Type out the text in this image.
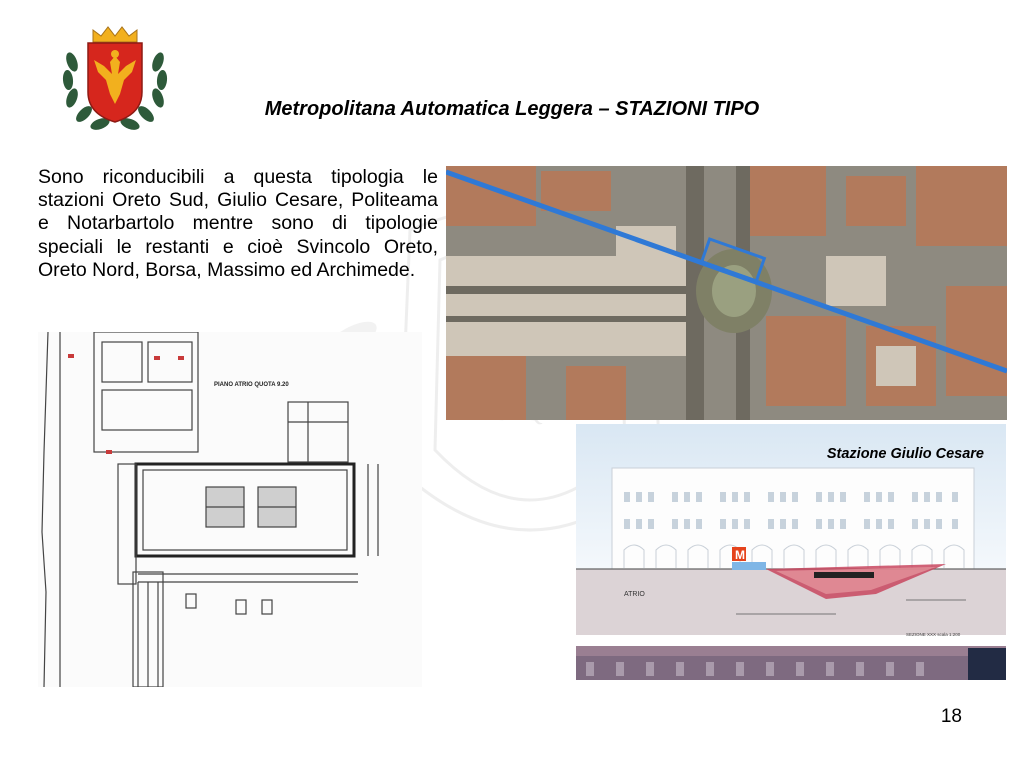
Metropolitana Automatica Leggera – STAZIONI TIPO

Sono riconducibili a questa tipologia le stazioni Oreto Sud, Giulio Cesare, Politeama e Notarbartolo mentre sono di tipologie speciali le restanti e cioè Svincolo Oreto, Oreto Nord, Borsa, Massimo ed Archimede.

PIANO ATRIO QUOTA 9.20
M
ATRIO
SEZIONE XXX scala 1:200
Stazione Giulio Cesare
18
